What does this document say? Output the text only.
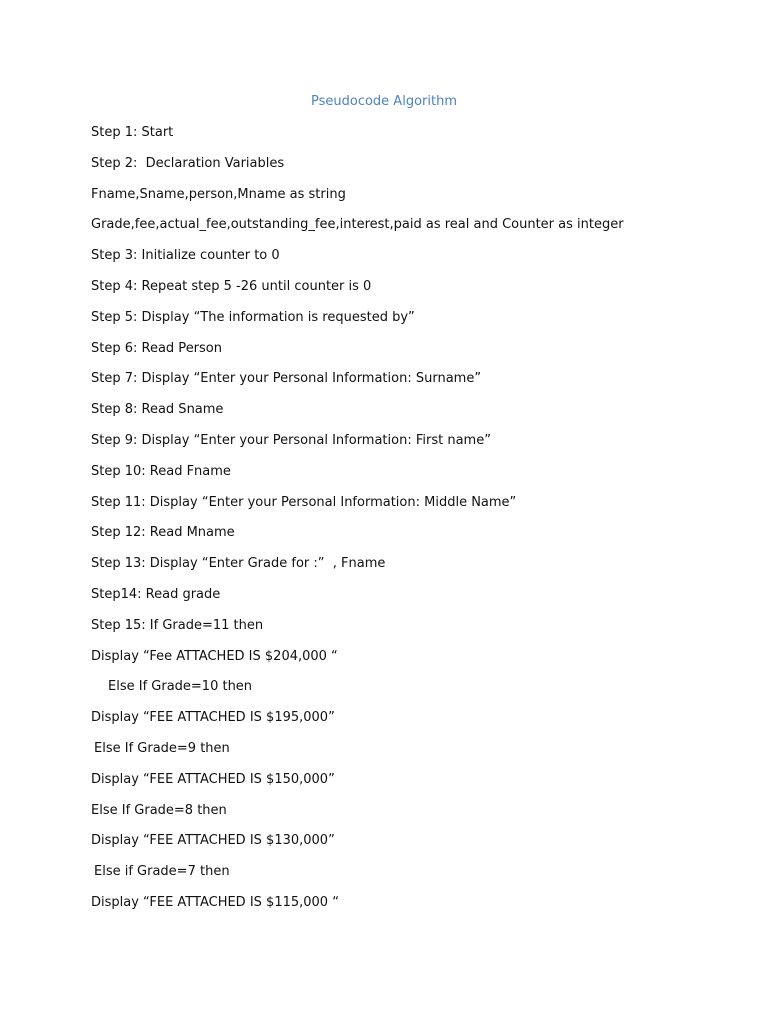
Pseudocode Algorithm
Step 1: Start
Step 2:  Declaration Variables
Fname,Sname,person,Mname as string
Grade,fee,actual_fee,outstanding_fee,interest,paid as real and Counter as integer
Step 3: Initialize counter to 0
Step 4: Repeat step 5 -26 until counter is 0
Step 5: Display “The information is requested by”
Step 6: Read Person
Step 7: Display “Enter your Personal Information: Surname”
Step 8: Read Sname
Step 9: Display “Enter your Personal Information: First name”
Step 10: Read Fname
Step 11: Display “Enter your Personal Information: Middle Name”
Step 12: Read Mname
Step 13: Display “Enter Grade for :”  , Fname
Step14: Read grade
Step 15: If Grade=11 then
Display “Fee ATTACHED IS $204,000 “
Else If Grade=10 then
Display “FEE ATTACHED IS $195,000”
Else If Grade=9 then
Display “FEE ATTACHED IS $150,000”
Else If Grade=8 then
Display “FEE ATTACHED IS $130,000”
Else if Grade=7 then
Display “FEE ATTACHED IS $115,000 “
